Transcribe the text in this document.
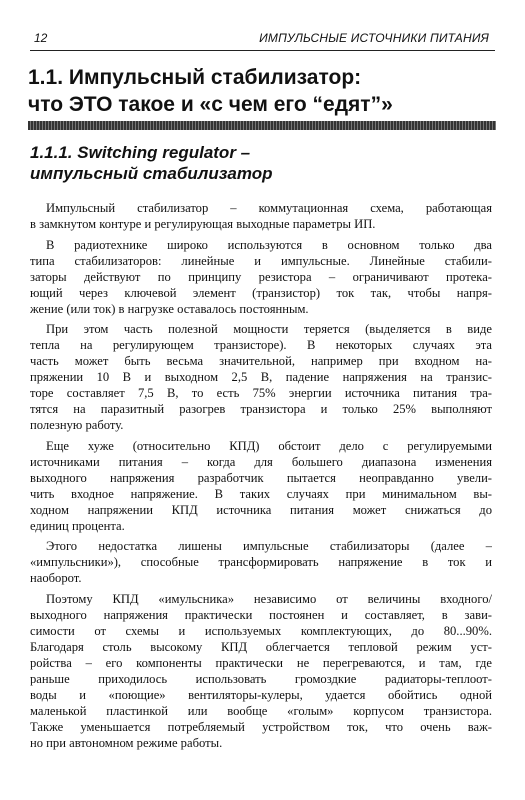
12	ИМПУЛЬСНЫЕ ИСТОЧНИКИ ПИТАНИЯ
1.1. Импульсный стабилизатор:
что ЭТО такое и «с чем его “едят”»
1.1.1. Switching regulator –
импульсный стабилизатор
Импульсный стабилизатор – коммутационная схема, работающая
в замкнутом контуре и регулирующая выходные параметры ИП.
В радиотехнике широко используются в основном только два
типа стабилизаторов: линейные и импульсные. Линейные стабили-
заторы действуют по принципу резистора – ограничивают протека-
ющий через ключевой элемент (транзистор) ток так, чтобы напря-
жение (или ток) в нагрузке оставалось постоянным.
При этом часть полезной мощности теряется (выделяется в виде
тепла на регулирующем транзисторе). В некоторых случаях эта
часть может быть весьма значительной, например при входном на-
пряжении 10 В и выходном 2,5 В, падение напряжения на транзис-
торе составляет 7,5 В, то есть 75% энергии источника питания тра-
тятся на паразитный разогрев транзистора и только 25% выполняют
полезную работу.
Еще хуже (относительно КПД) обстоит дело с регулируемыми
источниками питания – когда для большего диапазона изменения
выходного напряжения разработчик пытается неоправданно увели-
чить входное напряжение. В таких случаях при минимальном вы-
ходном напряжении КПД источника питания может снижаться до
единиц процента.
Этого недостатка лишены импульсные стабилизаторы (далее –
«импульсники»), способные трансформировать напряжение в ток и
наоборот.
Поэтому КПД «имульсника» независимо от величины входного/
выходного напряжения практически постоянен и составляет, в зави-
симости от схемы и используемых комплектующих, до 80...90%.
Благодаря столь высокому КПД облегчается тепловой режим уст-
ройства – его компоненты практически не перегреваются, и там, где
раньше приходилось использовать громоздкие радиаторы-теплоот-
воды и «поющие» вентиляторы-кулеры, удается обойтись одной
маленькой пластинкой или вообще «голым» корпусом транзистора.
Также уменьшается потребляемый устройством ток, что очень важ-
но при автономном режиме работы.
